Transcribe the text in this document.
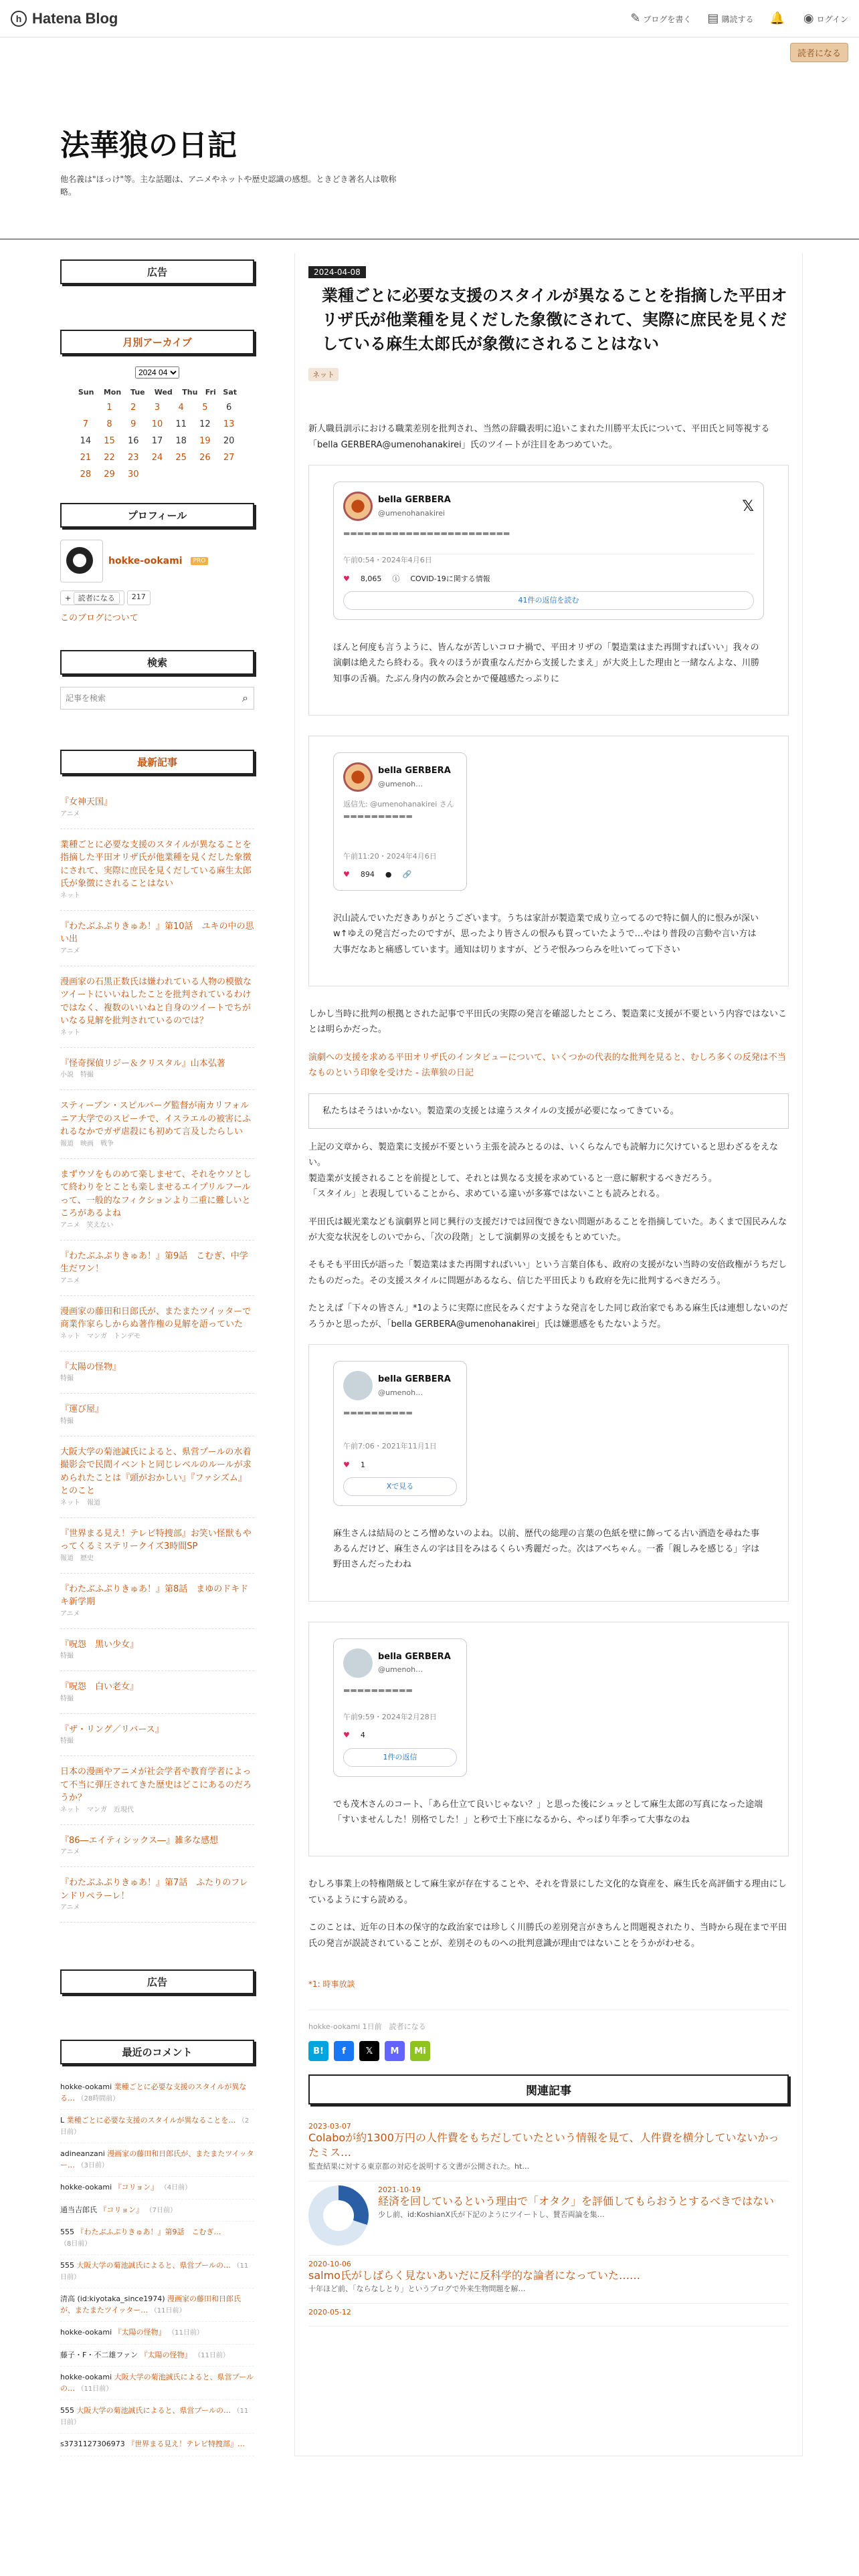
h Hatena Blog	✎ ブログを書く ▤ 購読する 🔔 ◉ ログイン
読者になる
法華狼の日記

他名義は"ほっけ"等。主な話題は、アニメやネットや歴史認識の感想。ときどき著名人は敬称略。

広告
月別アーカイブ
2024 04
Sun	Mon	Tue	Wed	Thu	Fri	Sat
	1	2	3	4	5	6
7	8	9	10	11	12	13
14	15	16	17	18	19	20
21	22	23	24	25	26	27
28	29	30				
プロフィール
hokke-ookami	PRO
+ 読者になる	217
このブログについて
検索
記事を検索
⌕
最新記事
『女神天国』
アニメ
業種ごとに必要な支援のスタイルが異なることを指摘した平田オリザ氏が他業種を見くだした象徴にされて、実際に庶民を見くだしている麻生太郎氏が象徴にされることはない
ネット
『わたぶふぷりきゅあ！』第10話　ユキの中の思い出
アニメ
漫画家の石黒正数氏は嫌われている人物の模倣なツイートにいいねしたことを批判されているわけではなく、複数のいいねと自身のツイートでちがいなる見解を批判されているのでは？
ネット
『怪奇探偵リジー＆クリスタル』山本弘著
小説　特撮
スティーブン・スピルバーグ監督が南カリフォルニア大学でのスピーチで、イスラエルの被害にふれるなかでガザ虐殺にも初めて言及したらしい
報道　映画　戦争
まずウソをものめて楽しませて、それをウソとして終わりをとことも楽しませるエイプリルフールって、一般的なフィクションより二重に難しいところがあるよね
アニメ　笑えない
『わたぶふぷりきゅあ！』第9話　こむぎ、中学生だワン！
アニメ
漫画家の藤田和日郎氏が、またまたツイッターで商業作家らしからぬ著作権の見解を語っていた
ネット　マンガ　トンデモ
『太陽の怪物』
特撮
『運び屋』
特撮
大阪大学の菊池誠氏によると、県営プールの水着撮影会で民間イベントと同じレベルのルールが求められたことは『頭がおかしい』『ファシズム』とのこと
ネット　報道
『世界まる見え！テレビ特捜部』お笑い怪獣もやってくるミステリークイズ3時間SP
報道　歴史
『わたぶふぷりきゅあ！』第8話　まゆのドキドキ新学期
アニメ
『呪怨　黒い少女』
特撮
『呪怨　白い老女』
特撮
『ザ・リング／リバース』
特撮
日本の漫画やアニメが社会学者や教育学者によって不当に弾圧されてきた歴史はどこにあるのだろうか？
ネット　マンガ　近現代
『86―エイティシックス―』雑多な感想
アニメ
『わたぶふぷりきゅあ！』第7話　ふたりのフレンドリペラーレ！
アニメ
広告
最近のコメント
hokke-ookami 業種ごとに必要な支援のスタイルが異なる… （28時間前）
L 業種ごとに必要な支援のスタイルが異なることを… （2日前）
adineanzani 漫画家の藤田和日郎氏が、またまたツイッター… （3日前）
hokke-ookami 『コリョン』 （4日前）
通当吉郎氏 『コリョン』 （7日前）
555 『わたぶふぷりきゅあ！』第9話　こむぎ… （8日前）
555 大阪大学の菊池誠氏によると、県営プールの… （11日前）
清高 (id:kiyotaka_since1974) 漫画家の藤田和日郎氏が、またまたツイッター… （11日前）
hokke-ookami 『太陽の怪物』 （11日前）
藤子・F・不二雄ファン 『太陽の怪物』 （11日前）
hokke-ookami 大阪大学の菊池誠氏によると、県営プールの… （11日前）
555 大阪大学の菊池誠氏によると、県営プールの… （11日前）
s3731127306973 『世界まる見え！テレビ特捜部』…
2024-04-08
業種ごとに必要な支援のスタイルが異なることを指摘した平田オリザ氏が他業種を見くだした象徴にされて、実際に庶民を見くだしている麻生太郎氏が象徴にされることはない
ネット

新人職員訓示における職業差別を批判され、当然の辞職表明に追いこまれた川勝平太氏について、平田氏と同等視する「bella GERBERA@umenohanakirei」氏のツイートが注目をあつめていた。

bella GERBERA
@umenohanakirei	𝕏
▬▬▬▬▬▬▬▬▬▬▬▬▬▬▬▬▬▬▬▬▬▬▬▬
午前0:54・2024年4月6日
♥ 8,065 ⓘ COVID-19に関する情報
41件の返信を読む

ほんと何度も言うように、皆んなが苦しいコロナ禍で、平田オリザの「製造業はまた再開すればいい」我々の演劇は絶えたら終わる。我々のほうが貴重なんだから支援したまえ」が大炎上した理由と一緒なんよな、川勝知事の舌禍。たぶん身内の飲み会とかで優越感たっぷりに

bella GERBERA
@umenoh…
返信先: @umenohanakirei さん
▬▬▬▬▬▬▬▬▬▬
午前11:20・2024年4月6日
♥ 894 ● 🔗

沢山読んでいただきありがとうございます。うちは家計が製造業で成り立ってるので特に個人的に恨みが深いw↑ゆえの発言だったのですが、思ったより皆さんの恨みも買っていたようで…やはり普段の言動や言い方は大事だなあと痛感しています。通知は切りますが、どうぞ恨みつらみを吐いてって下さい

しかし当時に批判の根拠とされた記事で平田氏の実際の発言を確認したところ、製造業に支援が不要という内容ではないことは明らかだった。

演劇への支援を求める平田オリザ氏のインタビューについて、いくつかの代表的な批判を見ると、むしろ多くの反発は不当なものという印象を受けた - 法華狼の日記

私たちはそうはいかない。製造業の支援とは違うスタイルの支援が必要になってきている。

上記の文章から、製造業に支援が不要という主張を読みとるのは、いくらなんでも読解力に欠けていると思わざるをえない。
製造業が支援されることを前提として、それとは異なる支援を求めていると一意に解釈するべきだろう。
「スタイル」と表現していることから、求めている違いが多寡ではないことも読みとれる。

平田氏は観光業なども演劇界と同じ興行の支援だけでは回復できない問題があることを指摘していた。あくまで国民みんなが大変な状況をしのいでから、「次の段階」として演劇界の支援をもとめていた。

そもそも平田氏が語った「製造業はまた再開すればいい」という言葉自体も、政府の支援がない当時の安倍政権がうちだしたものだった。その支援スタイルに問題があるなら、信じた平田氏よりも政府を先に批判するべきだろう。

たとえば「下々の皆さん」*1のように実際に庶民をみくだすような発言をした同じ政治家でもある麻生氏は連想しないのだろうかと思ったが、「bella GERBERA@umenohanakirei」氏は嫌悪感をもたないようだ。

bella GERBERA
@umenoh…
▬▬▬▬▬▬▬▬▬▬
午前7:06・2021年11月1日
♥ 1
Xで見る

麻生さんは結局のところ憎めないのよね。以前、歴代の総理の言葉の色紙を壁に飾ってる古い酒造を尋ねた事あるんだけど、麻生さんの字は目をみはるくらい秀麗だった。次はアベちゃん。一番「親しみを感じる」字は野田さんだったわね

bella GERBERA
@umenoh…
▬▬▬▬▬▬▬▬▬▬
午前9:59・2024年2月28日
♥ 4
1件の返信

でも茂木さんのコート、「あら仕立て良いじゃない？」と思った後にシュッとして麻生太郎の写真になった途端「すいませんした！別格でした！」と秒で土下座になるから、やっぱり年季って大事なのね

むしろ事業上の特権階級として麻生家が存在することや、それを背景にした文化的な資産を、麻生氏を高評価する理由にしているようにすら読める。

このことは、近年の日本の保守的な政治家では珍しく川勝氏の差別発言がきちんと問題視されたり、当時から現在まで平田氏の発言が誤読されていることが、差別そのものへの批判意識が理由ではないことをうかがわせる。

*1: 時事放談
hokke-ookami 1日前　読者になる
B!	f	𝕏	M	Mi
関連記事
2023-03-07
Colaboが約1300万円の人件費をもちだしていたという情報を見て、人件費を横分していないかったミス…
監査結果に対する東京都の対応を説明する文書が公開された。ht…
2021-10-19
経済を回しているという理由で「オタク」を評価してもらおうとするべきではない
少し前、id:KoshianX氏が下記のようにツイートし、賛否両論を集…
2020-10-06
salmo氏がしばらく見ないあいだに反科学的な論者になっていた……
十年ほど前、「ならなしとり」というブログで外来生物問題を解…
2020-05-12
